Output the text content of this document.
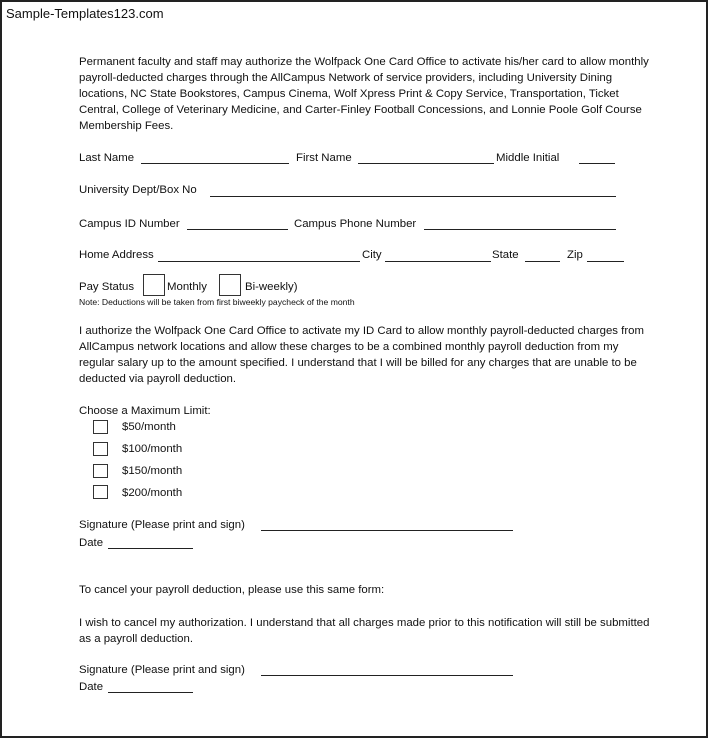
Sample-Templates123.com

Permanent faculty and staff may authorize the Wolfpack One Card Office to activate his/her card to allow monthly payroll-deducted charges through the AllCampus Network of service providers, including University Dining locations, NC State Bookstores, Campus Cinema, Wolf Xpress Print & Copy Service, Transportation, Ticket Central, College of Veterinary Medicine, and Carter-Finley Football Concessions, and Lonnie Poole Golf Course Membership Fees.

Last Name	First Name	Middle Initial
University Dept/Box No
Campus ID Number	Campus Phone Number
Home Address	City	State	Zip
Pay Status	Monthly	Bi-weekly)
Note: Deductions will be taken from first biweekly paycheck of the month

I authorize the Wolfpack One Card Office to activate my ID Card to allow monthly payroll-deducted charges from AllCampus network locations and allow these charges to be a combined monthly payroll deduction from my regular salary up to the amount specified. I understand that I will be billed for any charges that are unable to be deducted via payroll deduction.

Choose a Maximum Limit:
$50/month
$100/month
$150/month
$200/month
Signature (Please print and sign)
Date
To cancel your payroll deduction, please use this same form:

I wish to cancel my authorization. I understand that all charges made prior to this notification will still be submitted as a payroll deduction.

Signature (Please print and sign)
Date
